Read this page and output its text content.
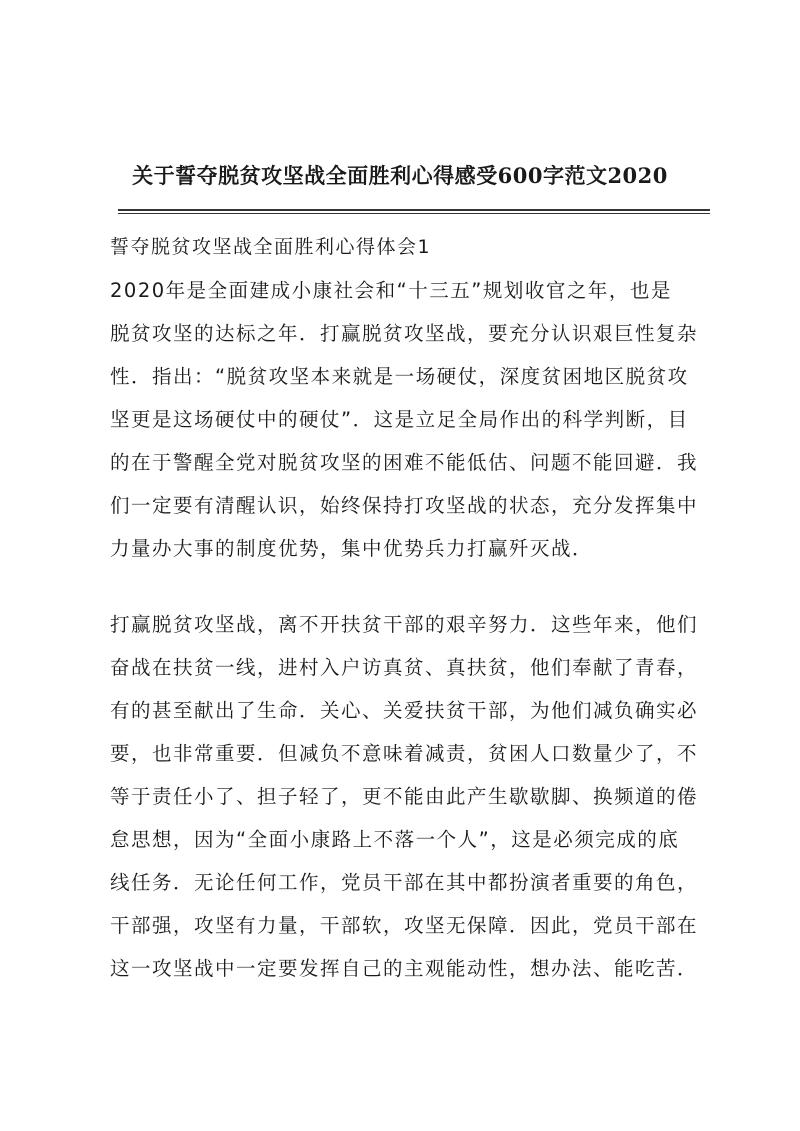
关于誓夺脱贫攻坚战全面胜利心得感受600字范文2020
誓夺脱贫攻坚战全面胜利心得体会1
2020年是全面建成小康社会和“十三五”规划收官之年，也是
脱贫攻坚的达标之年．打赢脱贫攻坚战，要充分认识艰巨性复杂
性．指出：“脱贫攻坚本来就是一场硬仗，深度贫困地区脱贫攻
坚更是这场硬仗中的硬仗”．这是立足全局作出的科学判断，目
的在于警醒全党对脱贫攻坚的困难不能低估、问题不能回避．我
们一定要有清醒认识，始终保持打攻坚战的状态，充分发挥集中
力量办大事的制度优势，集中优势兵力打赢歼灭战．
打赢脱贫攻坚战，离不开扶贫干部的艰辛努力．这些年来，他们
奋战在扶贫一线，进村入户访真贫、真扶贫，他们奉献了青春，
有的甚至献出了生命．关心、关爱扶贫干部，为他们减负确实必
要，也非常重要．但减负不意味着减责，贫困人口数量少了，不
等于责任小了、担子轻了，更不能由此产生歇歇脚、换频道的倦
怠思想，因为“全面小康路上不落一个人”，这是必须完成的底
线任务．无论任何工作，党员干部在其中都扮演者重要的角色，
干部强，攻坚有力量，干部软，攻坚无保障．因此，党员干部在
这一攻坚战中一定要发挥自己的主观能动性，想办法、能吃苦．
